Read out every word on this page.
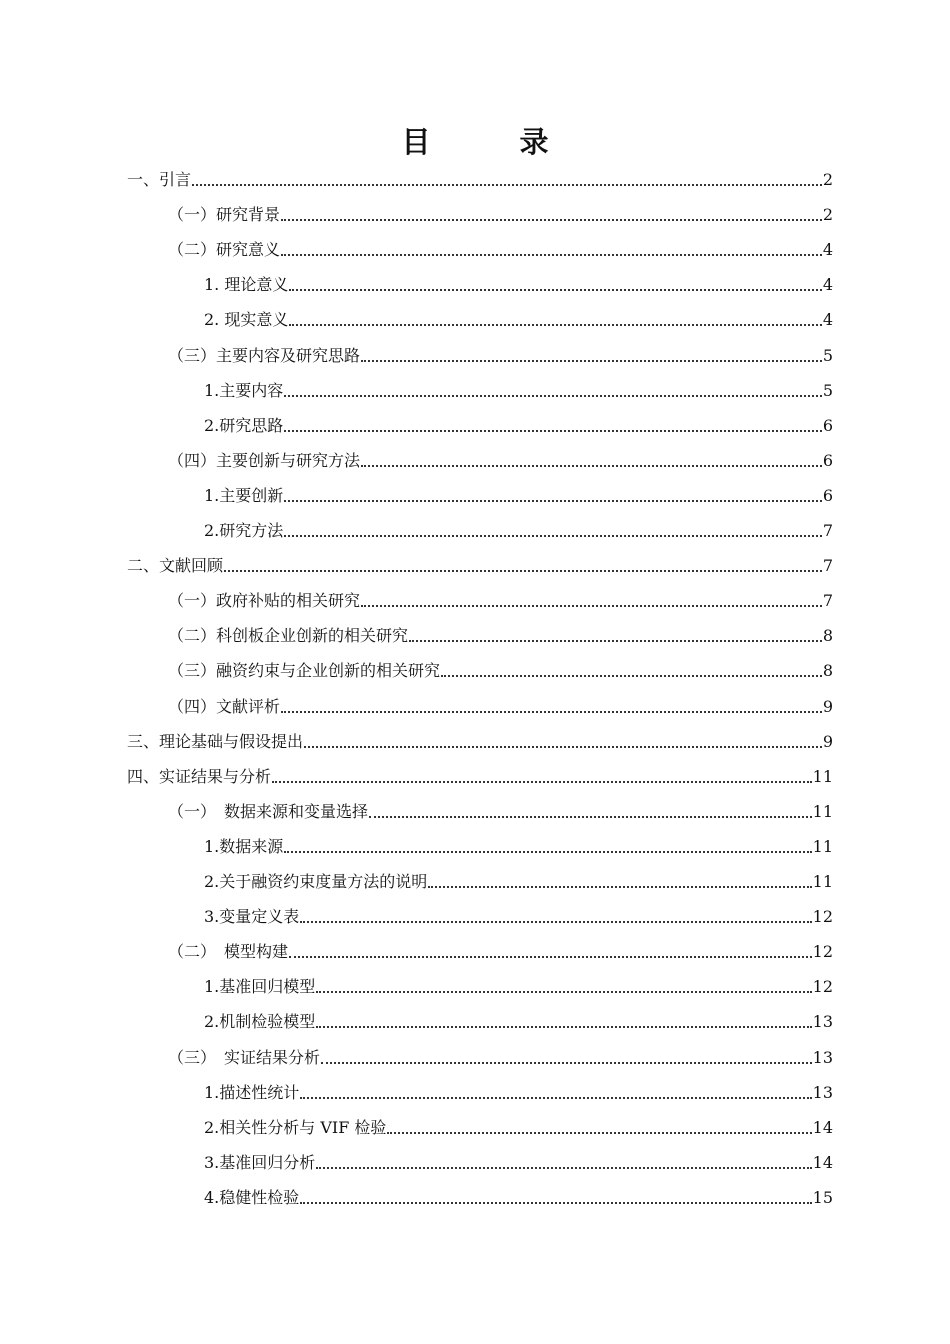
目　录
一、引言	2
（一）研究背景	2
（二）研究意义	4
1. 理论意义	4
2. 现实意义	4
（三）主要内容及研究思路	5
1.主要内容	5
2.研究思路	6
（四）主要创新与研究方法	6
1.主要创新	6
2.研究方法	7
二、文献回顾	7
（一）政府补贴的相关研究	7
（二）科创板企业创新的相关研究	8
（三）融资约束与企业创新的相关研究	8
（四）文献评析	9
三、理论基础与假设提出	9
四、实证结果与分析	11
（一）　数据来源和变量选择	11
1.数据来源	11
2.关于融资约束度量方法的说明	11
3.变量定义表	12
（二）　模型构建	12
1.基准回归模型	12
2.机制检验模型	13
（三）　实证结果分析	13
1.描述性统计	13
2.相关性分析与 VIF 检验	14
3.基准回归分析	14
4.稳健性检验	15
